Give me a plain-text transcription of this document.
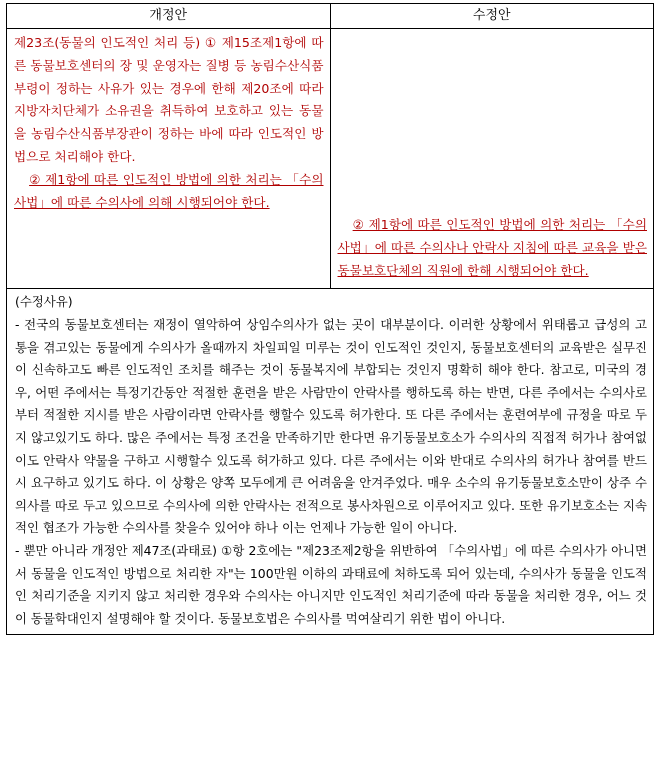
개정안	수정안

제23조(동물의 인도적인 처리 등) ① 제15조제1항에 따른 동물보호센터의 장 및 운영자는 질병 등 농림수산식품부령이 정하는 사유가 있는 경우에 한해 제20조에 따라 지방자치단체가 소유권을 취득하여 보호하고 있는 동물을 농림수산식품부장관이 정하는 바에 따라 인도적인 방법으로 처리해야 한다.

② 제1항에 따른 인도적인 방법에 의한 처리는 「수의사법」에 따른 수의사에 의해 시행되어야 한다.	② 제1항에 따른 인도적인 방법에 의한 처리는 「수의사법」에 따른 수의사나 안락사 지침에 따른 교육을 받은 동물보호단체의 직원에 한해 시행되어야 한다.

(수정사유)

- 전국의 동물보호센터는 재정이 열악하여 상임수의사가 없는 곳이 대부분이다. 이러한 상황에서 위태롭고 급성의 고통을 겪고있는 동물에게 수의사가 올때까지 차일피일 미루는 것이 인도적인 것인지, 동물보호센터의 교육받은 실무진이 신속하고도 빠른 인도적인 조치를 해주는 것이 동물복지에 부합되는 것인지 명확히 해야 한다. 참고로, 미국의 경우, 어떤 주에서는 특정기간동안 적절한 훈련을 받은 사람만이 안락사를 행하도록 하는 반면, 다른 주에서는 수의사로부터 적절한 지시를 받은 사람이라면 안락사를 행할수 있도록 허가한다. 또 다른 주에서는 훈련여부에 규정을 따로 두지 않고있기도 하다. 많은 주에서는 특정 조건을 만족하기만 한다면 유기동물보호소가 수의사의 직접적 허가나 참여없이도 안락사 약물을 구하고 시행할수 있도록 허가하고 있다. 다른 주에서는 이와 반대로 수의사의 허가나 참여를 반드시 요구하고 있기도 하다. 이 상황은 양쪽 모두에게 큰 어려움을 안겨주었다. 매우 소수의 유기동물보호소만이 상주 수의사를 따로 두고 있으므로 수의사에 의한 안락사는 전적으로 봉사차원으로 이루어지고 있다. 또한 유기보호소는 지속적인 협조가 가능한 수의사를 찾을수 있어야 하나 이는 언제나 가능한 일이 아니다.

- 뿐만 아니라 개정안 제47조(과태료) ①항 2호에는 "제23조제2항을 위반하여 「수의사법」에 따른 수의사가 아니면서 동물을 인도적인 방법으로 처리한 자"는 100만원 이하의 과태료에 처하도록 되어 있는데, 수의사가 동물을 인도적인 처리기준을 지키지 않고 처리한 경우와 수의사는 아니지만 인도적인 처리기준에 따라 동물을 처리한 경우, 어느 것이 동물학대인지 설명해야 할 것이다. 동물보호법은 수의사를 먹여살리기 위한 법이 아니다.	
